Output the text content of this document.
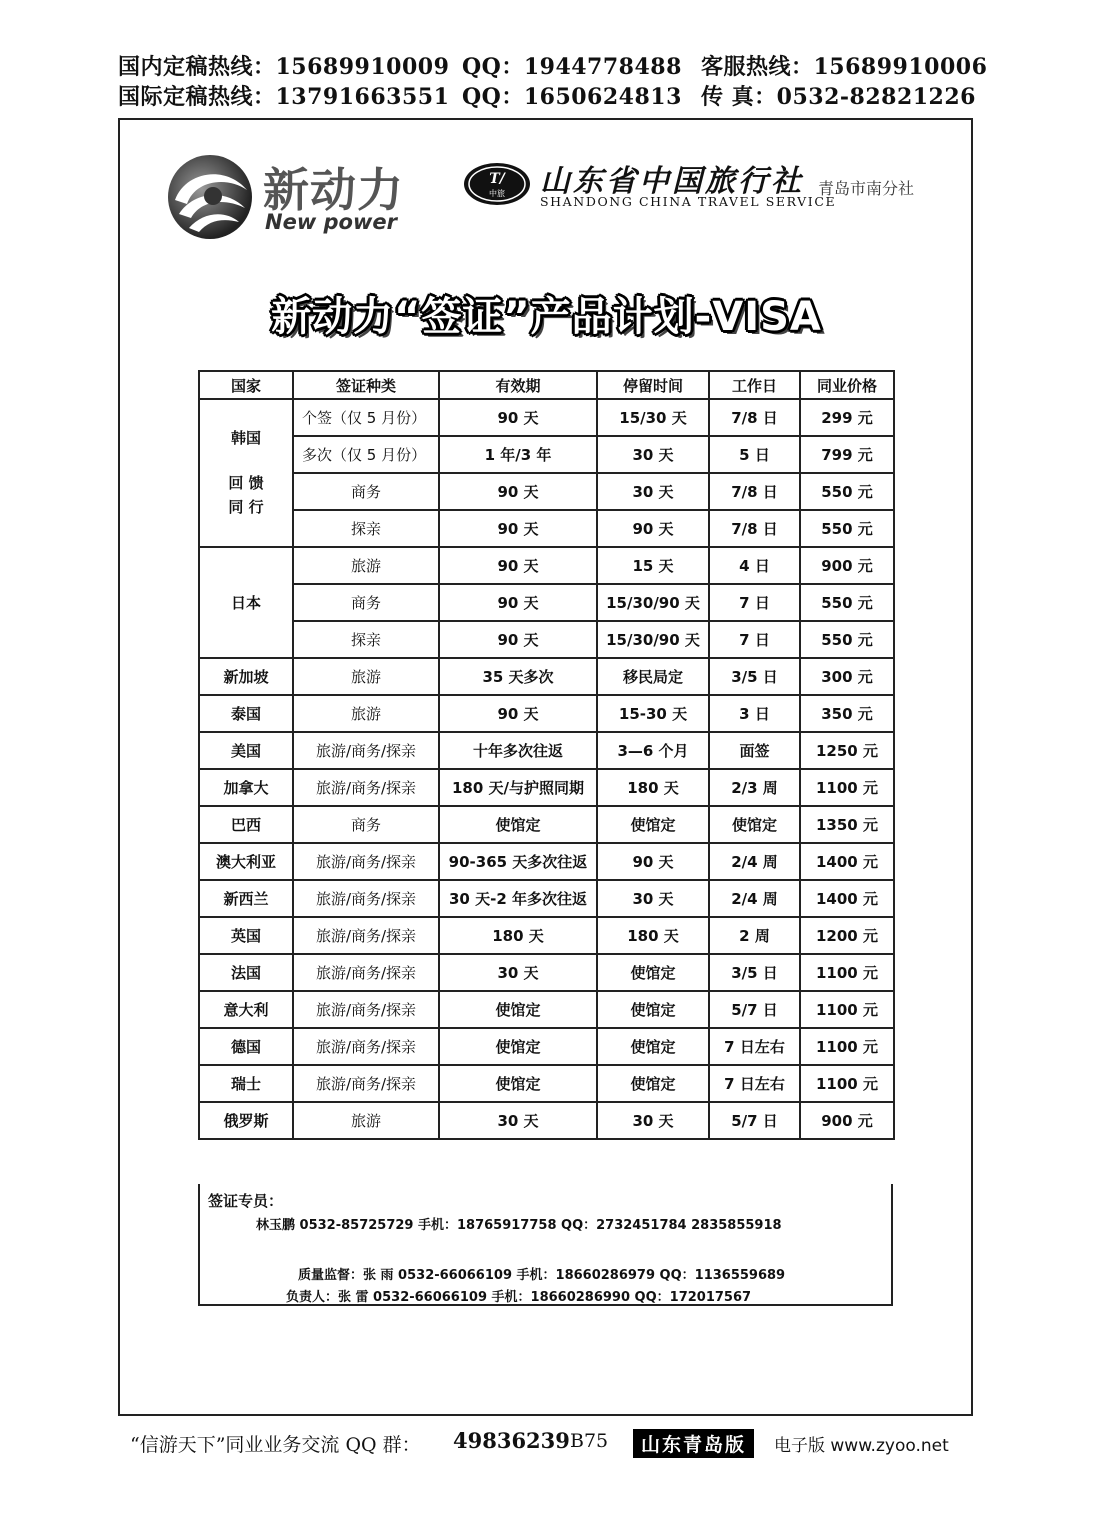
国内定稿热线：15689910009

QQ：1944778488

客服热线：15689910006

国际定稿热线：13791663551

QQ：1650624813

传 真：0532-82821226

新动力
New power
T/
中旅 山东省中国旅行社
SHANDONG CHINA TRAVEL SERVICE
青岛市南分社
新动力“签证”产品计划-VISA
国家	签证种类	有效期	停留时间	工作日	同业价格

韩国
回 馈
同 行	个签（仅 5 月份）	90 天	15/30 天	7/8 日	299 元
	多次（仅 5 月份）	1 年/3 年	30 天	5 日	799 元
	商务	90 天	30 天	7/8 日	550 元
	探亲	90 天	90 天	7/8 日	550 元
日本	旅游	90 天	15 天	4 日	900 元
	商务	90 天	15/30/90 天	7 日	550 元
	探亲	90 天	15/30/90 天	7 日	550 元
新加坡	旅游	35 天多次	移民局定	3/5 日	300 元
泰国	旅游	90 天	15-30 天	3 日	350 元
美国	旅游/商务/探亲	十年多次往返	3—6 个月	面签	1250 元
加拿大	旅游/商务/探亲	180 天/与护照同期	180 天	2/3 周	1100 元
巴西	商务	使馆定	使馆定	使馆定	1350 元
澳大利亚	旅游/商务/探亲	90-365 天多次往返	90 天	2/4 周	1400 元
新西兰	旅游/商务/探亲	30 天-2 年多次往返	30 天	2/4 周	1400 元
英国	旅游/商务/探亲	180 天	180 天	2 周	1200 元
法国	旅游/商务/探亲	30 天	使馆定	3/5 日	1100 元
意大利	旅游/商务/探亲	使馆定	使馆定	5/7 日	1100 元
德国	旅游/商务/探亲	使馆定	使馆定	7 日左右	1100 元
瑞士	旅游/商务/探亲	使馆定	使馆定	7 日左右	1100 元
俄罗斯	旅游	30 天	30 天	5/7 日	900 元
签证专员：
林玉鹏 0532-85725729 手机：18765917758 QQ：2732451784 2835855918
质量监督：张 雨 0532-66066109 手机：18660286979 QQ：1136559689
负责人：张 雷 0532-66066109 手机：18660286990 QQ：172017567
“信游天下”同业业务交流 QQ 群： 49836239 B75	山东青岛版	电子版 www.zyoo.net
